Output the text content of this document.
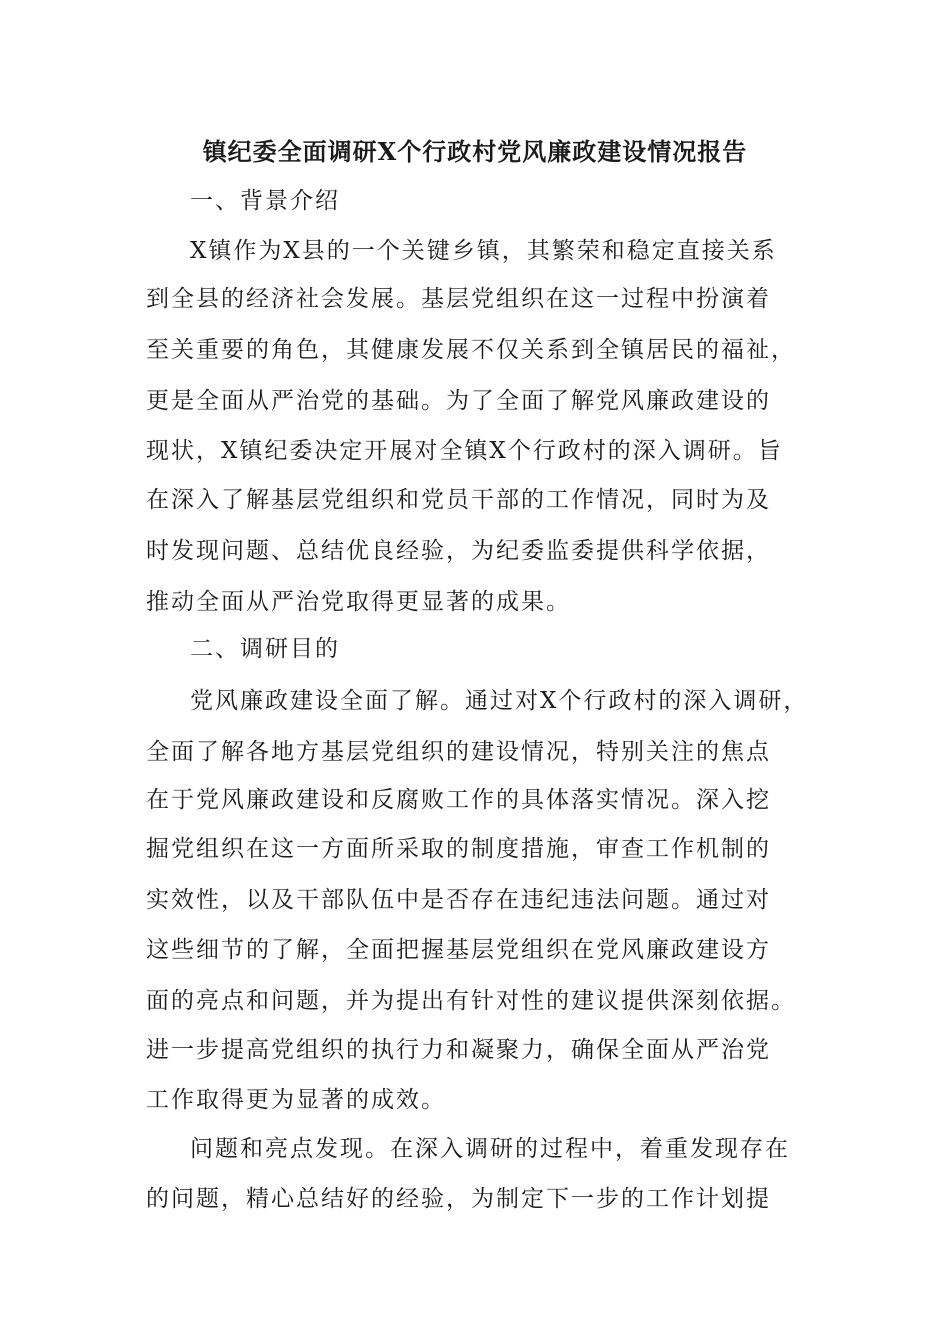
镇纪委全面调研X个行政村党风廉政建设情况报告
一、背景介绍
X镇作为X县的一个关键乡镇，其繁荣和稳定直接关系
到全县的经济社会发展。基层党组织在这一过程中扮演着
至关重要的角色，其健康发展不仅关系到全镇居民的福祉，
更是全面从严治党的基础。为了全面了解党风廉政建设的
现状，X镇纪委决定开展对全镇X个行政村的深入调研。旨
在深入了解基层党组织和党员干部的工作情况，同时为及
时发现问题、总结优良经验，为纪委监委提供科学依据，
推动全面从严治党取得更显著的成果。
二、调研目的
党风廉政建设全面了解。通过对X个行政村的深入调研，
全面了解各地方基层党组织的建设情况，特别关注的焦点
在于党风廉政建设和反腐败工作的具体落实情况。深入挖
掘党组织在这一方面所采取的制度措施，审查工作机制的
实效性，以及干部队伍中是否存在违纪违法问题。通过对
这些细节的了解，全面把握基层党组织在党风廉政建设方
面的亮点和问题，并为提出有针对性的建议提供深刻依据。
进一步提高党组织的执行力和凝聚力，确保全面从严治党
工作取得更为显著的成效。
问题和亮点发现。在深入调研的过程中，着重发现存在
的问题，精心总结好的经验，为制定下一步的工作计划提
